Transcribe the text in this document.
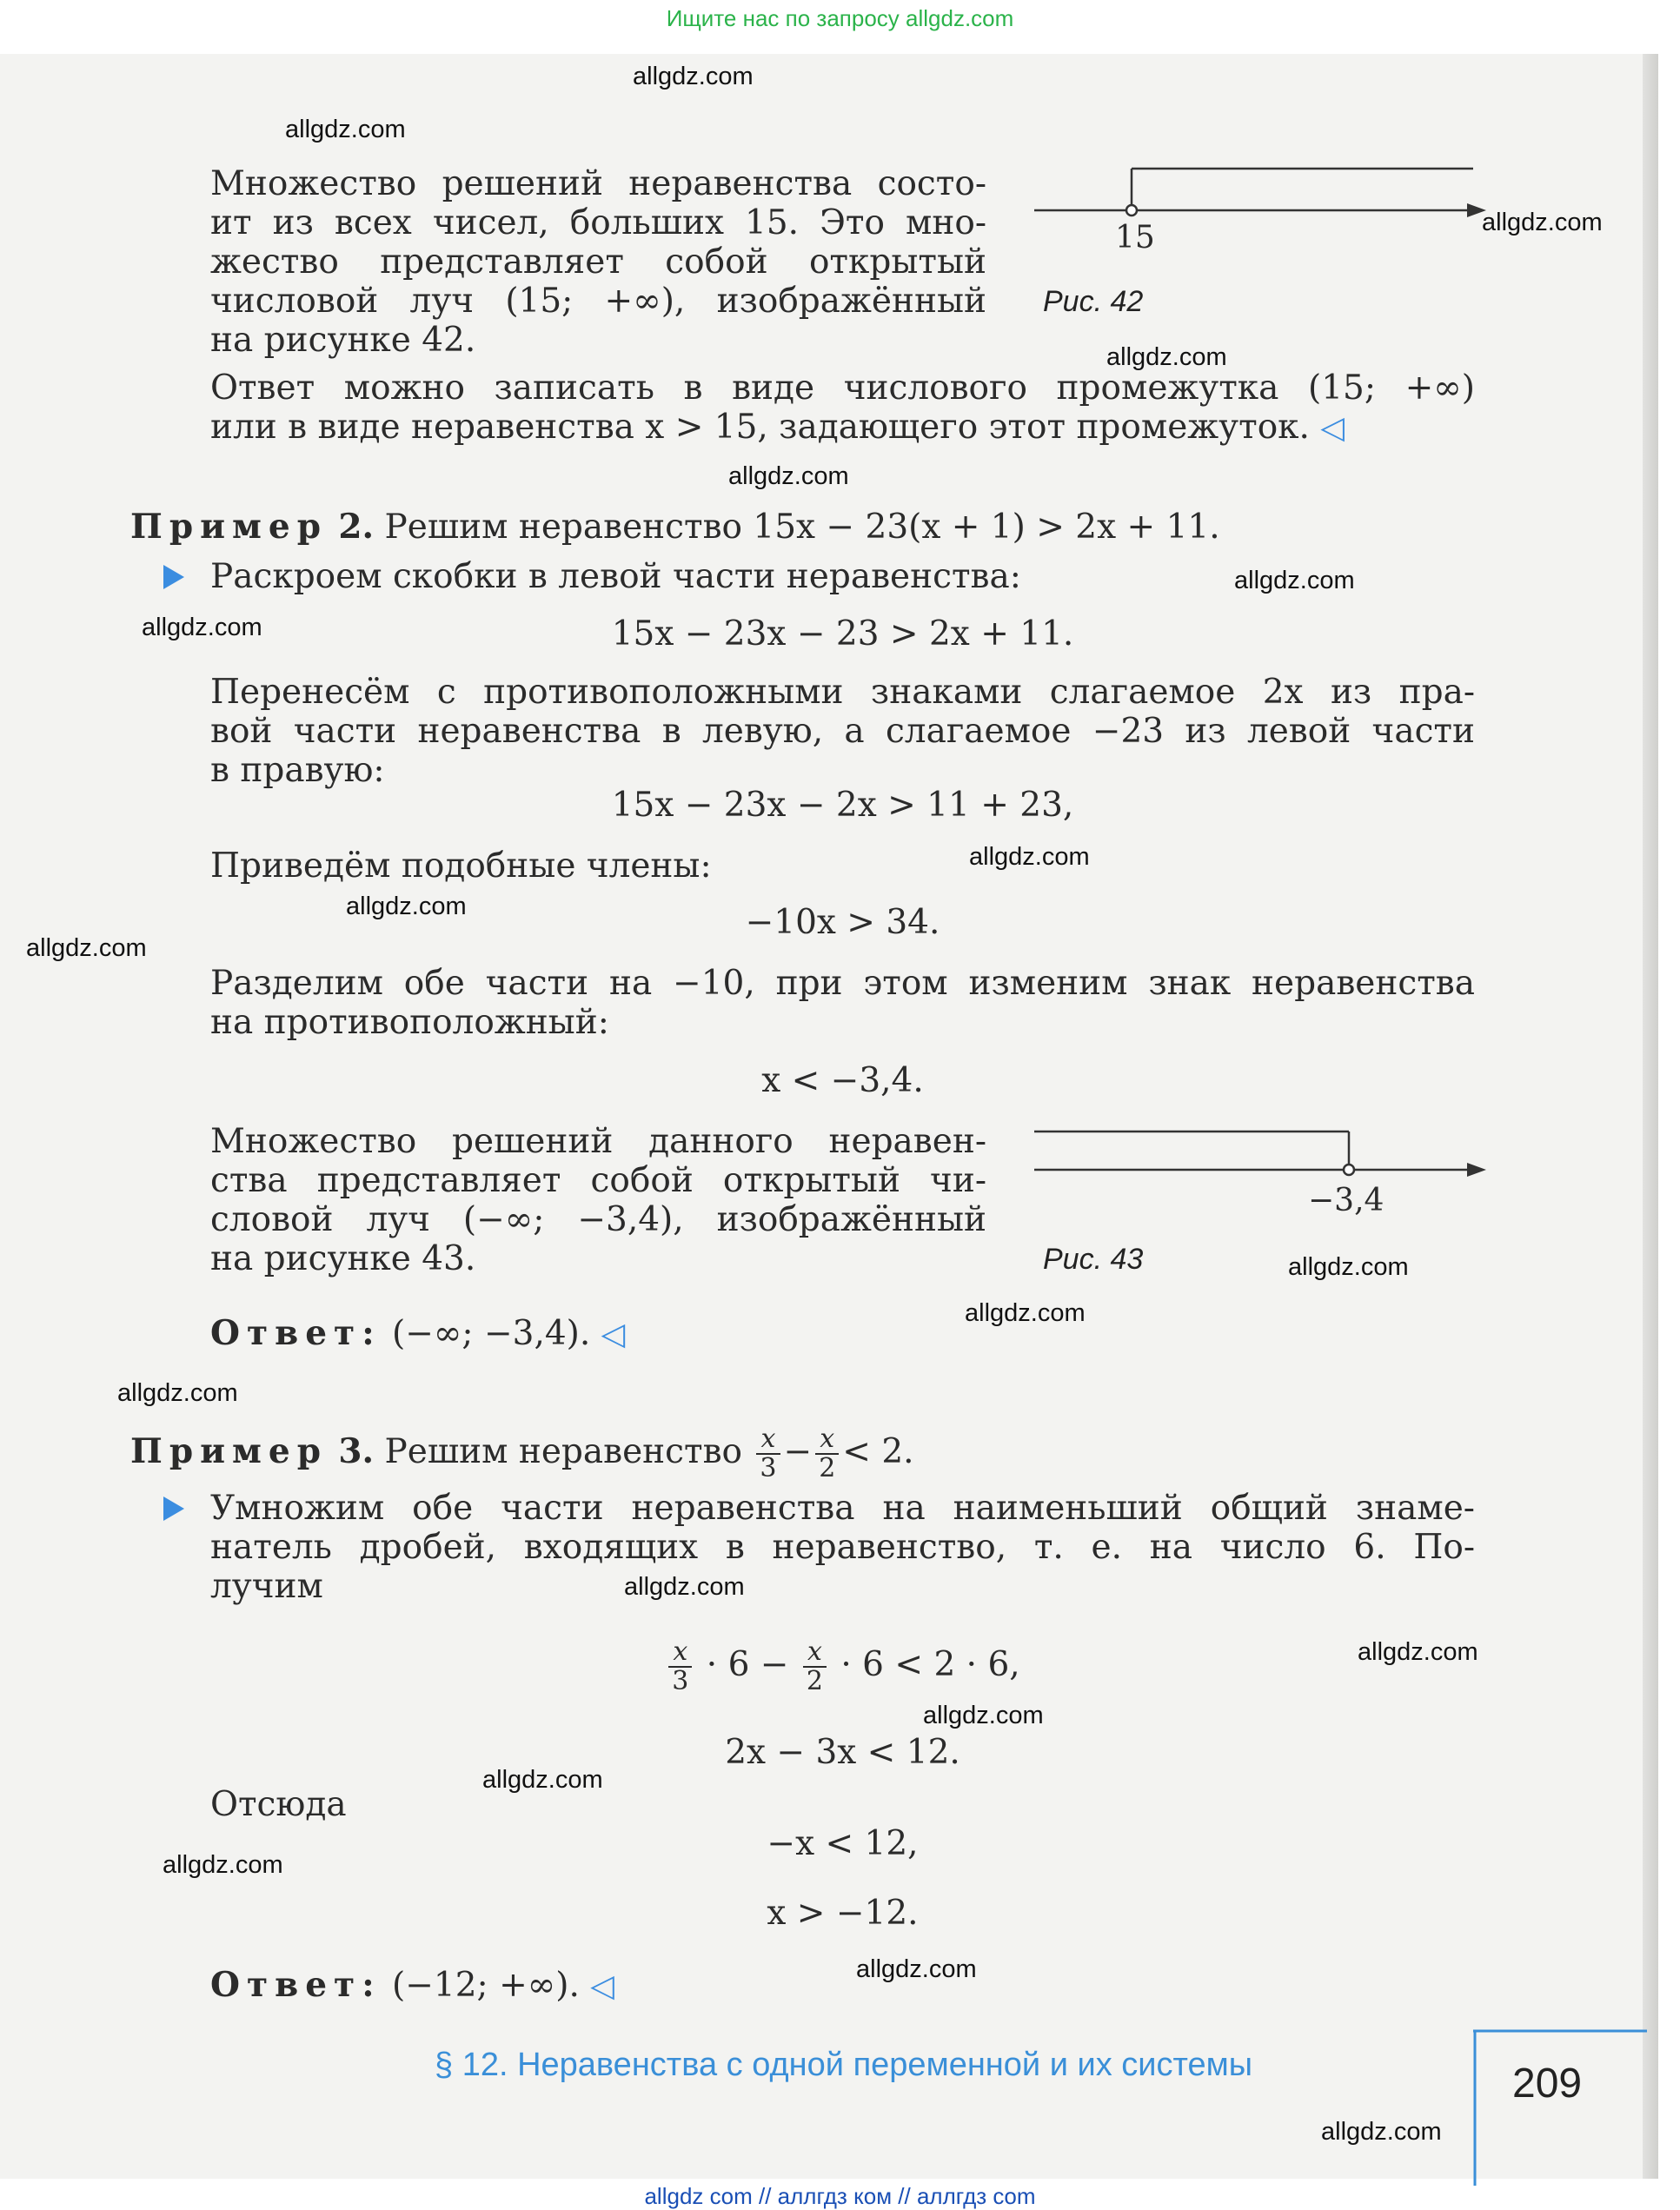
Ищите нас по запросу allgdz.com
Множество решений неравенства состо-
ит из всех чисел, больших 15. Это мно-
жество представляет собой открытый
числовой луч (15; +∞), изображённый
на рисунке 42.
Ответ можно записать в виде числового промежутка (15; +∞)
или в виде неравенства x > 15, задающего этот промежуток. ◁
15
Рис. 42
Пример 2. Решим неравенство 15x − 23(x + 1) > 2x + 11.
Раскроем скобки в левой части неравенства:
15x − 23x − 23 > 2x + 11.
Перенесём с противоположными знаками слагаемое 2x из пра-
вой части неравенства в левую, а слагаемое −23 из левой части
в правую:
15x − 23x − 2x > 11 + 23,
Приведём подобные члены:
−10x > 34.
Разделим обе части на −10, при этом изменим знак неравенства
на противоположный:
x < −3,4.
Множество решений данного неравен-
ства представляет собой открытый чи-
словой луч (−∞; −3,4), изображённый
на рисунке 43.
Ответ: (−∞; −3,4). ◁
−3,4
Рис. 43
Пример 3. Решим неравенство $\frac{x}{3} - \frac{x}{2} < 2$.
Умножим обе части неравенства на наименьший общий знаме-
натель дробей, входящих в неравенство, т. е. на число 6. По-
лучим
$\frac{x}{3} \cdot 6 - \frac{x}{2} \cdot 6 < 2 \cdot 6$,
2x − 3x < 12.
Отсюда
−x < 12,
x > −12.
Ответ: (−12; +∞). ◁
§ 12. Неравенства с одной переменной и их системы	209
allgdz.com
allgdz.com
allgdz.com
allgdz.com
allgdz.com
allgdz.com
allgdz.com
allgdz.com
allgdz.com
allgdz.com
allgdz.com
allgdz.com
allgdz.com
allgdz.com
allgdz.com
allgdz.com
allgdz.com
allgdz.com
allgdz.com
allgdz.com
allgdz com // аллгдз ком // аллгдз com
